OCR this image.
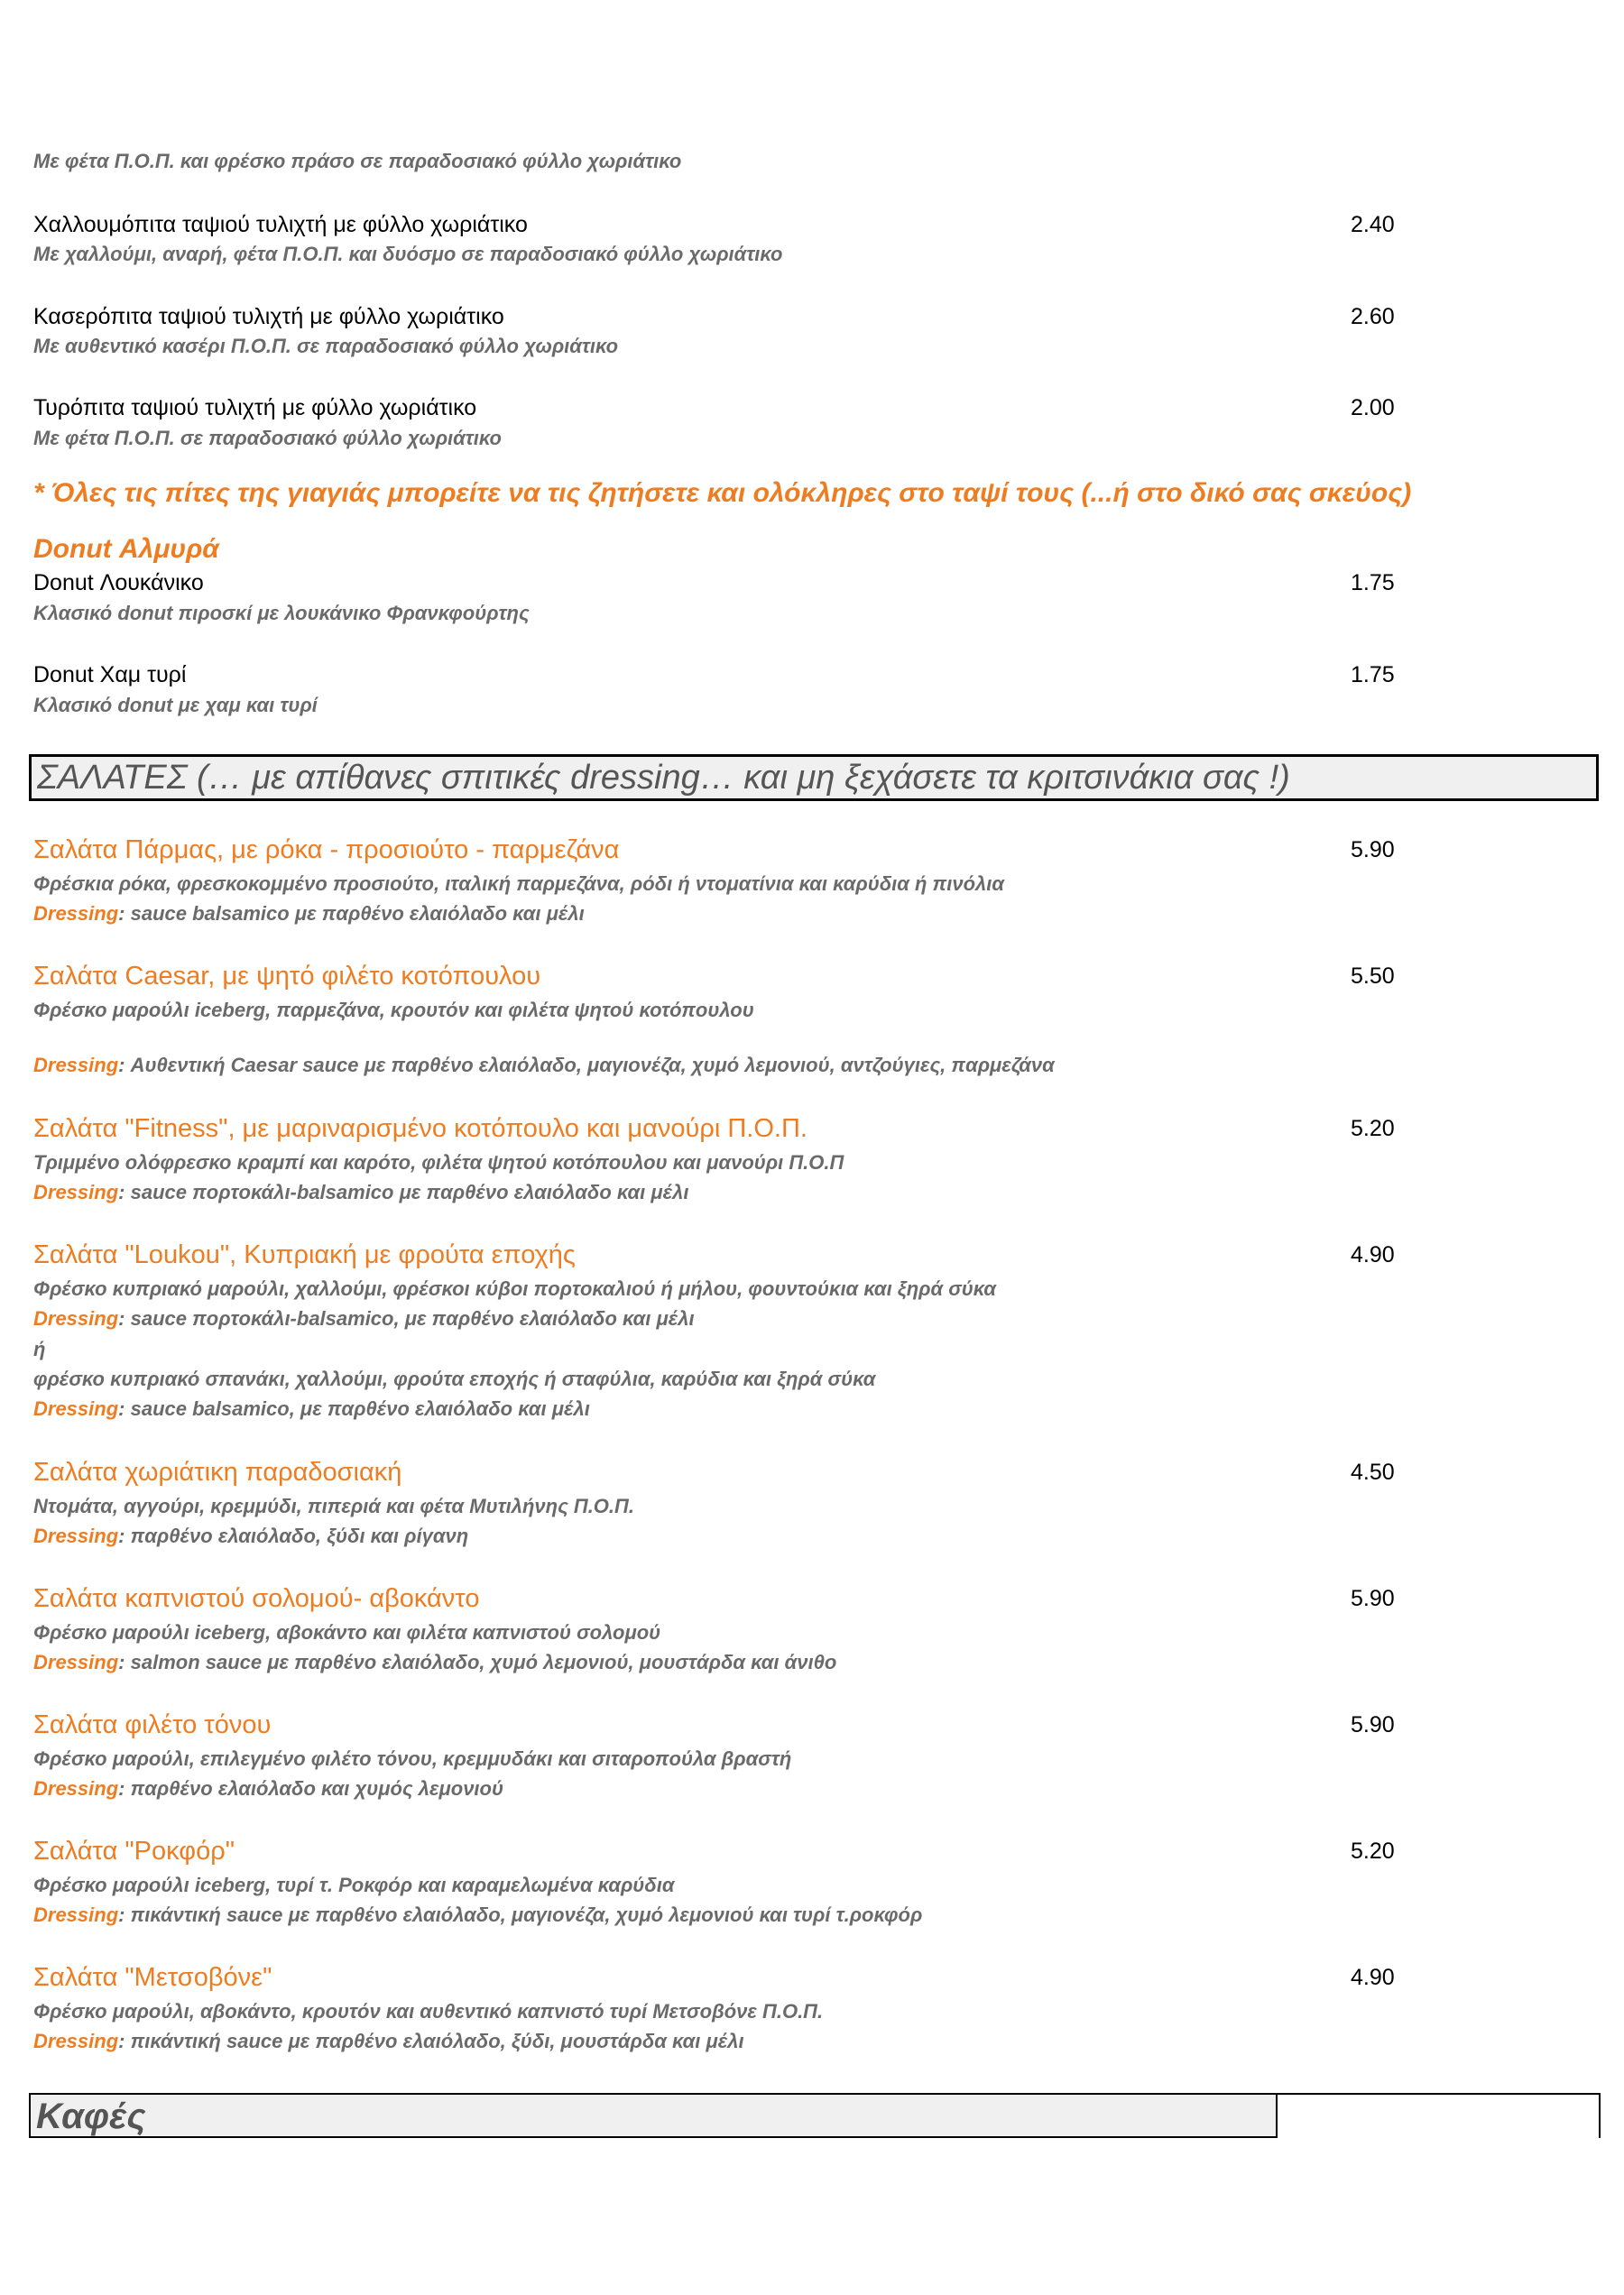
Με φέτα Π.Ο.Π. και φρέσκο πράσο σε παραδοσιακό φύλλο χωριάτικο
Χαλλουμόπιτα ταψιού τυλιχτή με φύλλο χωριάτικο	2.40
Με χαλλούμι, αναρή, φέτα Π.Ο.Π. και δυόσμο σε παραδοσιακό φύλλο χωριάτικο
Κασερόπιτα ταψιού τυλιχτή με φύλλο χωριάτικο	2.60
Με αυθεντικό κασέρι Π.Ο.Π. σε παραδοσιακό φύλλο χωριάτικο
Τυρόπιτα ταψιού τυλιχτή με φύλλο χωριάτικο	2.00
Με φέτα Π.Ο.Π. σε παραδοσιακό φύλλο χωριάτικο
* Όλες τις πίτες της γιαγιάς μπορείτε να τις ζητήσετε και ολόκληρες στο ταψί τους (...ή στο δικό σας σκεύος)
Donut Αλμυρά
Donut Λουκάνικο	1.75
Κλασικό donut πιροσκί με λουκάνικο Φρανκφούρτης
Donut Χαμ τυρί	1.75
Κλασικό donut με χαμ και τυρί
ΣΑΛΑΤΕΣ (… με απίθανες σπιτικές dressing… και μη ξεχάσετε τα κριτσινάκια σας !)
Σαλάτα Πάρμας, με ρόκα - προσιούτο - παρμεζάνα	5.90
Φρέσκια ρόκα, φρεσκοκομμένο προσιούτο, ιταλική παρμεζάνα, ρόδι ή ντοματίνια και καρύδια ή πινόλια
Dressing: sauce balsamico με παρθένο ελαιόλαδο και μέλι
Σαλάτα Caesar, με ψητό φιλέτο κοτόπουλου	5.50
Φρέσκο μαρούλι iceberg, παρμεζάνα, κρουτόν και φιλέτα ψητού κοτόπουλου
Dressing: Αυθεντική Caesar sauce με παρθένο ελαιόλαδο, μαγιονέζα, χυμό λεμονιού, αντζούγιες, παρμεζάνα
Σαλάτα "Fitness", με μαριναρισμένο κοτόπουλο και μανούρι Π.Ο.Π.	5.20
Τριμμένο ολόφρεσκο κραμπί και καρότο, φιλέτα ψητού κοτόπουλου και μανούρι Π.Ο.Π
Dressing: sauce πορτοκάλι-balsamico με παρθένο ελαιόλαδο και μέλι
Σαλάτα "Loukou", Κυπριακή με φρούτα εποχής	4.90
Φρέσκο κυπριακό μαρούλι, χαλλούμι, φρέσκοι κύβοι πορτοκαλιού ή μήλου, φουντούκια και ξηρά σύκα
Dressing: sauce πορτοκάλι-balsamico, με παρθένο ελαιόλαδο και μέλι
ή
φρέσκο κυπριακό σπανάκι, χαλλούμι, φρούτα εποχής ή σταφύλια, καρύδια και ξηρά σύκα
Dressing: sauce balsamico, με παρθένο ελαιόλαδο και μέλι
Σαλάτα χωριάτικη παραδοσιακή	4.50
Ντομάτα, αγγούρι, κρεμμύδι, πιπεριά και φέτα Μυτιλήνης Π.Ο.Π.
Dressing: παρθένο ελαιόλαδο, ξύδι και ρίγανη
Σαλάτα καπνιστού σολομού- αβοκάντο	5.90
Φρέσκο μαρούλι iceberg, αβοκάντο και φιλέτα καπνιστού σολομού
Dressing: salmon sauce με παρθένο ελαιόλαδο, χυμό λεμονιού, μουστάρδα και άνιθο
Σαλάτα φιλέτο τόνου	5.90
Φρέσκο μαρούλι, επιλεγμένο φιλέτο τόνου, κρεμμυδάκι και σιταροπούλα βραστή
Dressing: παρθένο ελαιόλαδο και χυμός λεμονιού
Σαλάτα "Ροκφόρ"	5.20
Φρέσκο μαρούλι iceberg, τυρί τ. Ροκφόρ και καραμελωμένα καρύδια
Dressing: πικάντική sauce με παρθένο ελαιόλαδο, μαγιονέζα, χυμό λεμονιού και τυρί τ.ροκφόρ
Σαλάτα "Μετσοβόνε"	4.90
Φρέσκο μαρούλι, αβοκάντο, κρουτόν και αυθεντικό καπνιστό τυρί Μετσοβόνε Π.Ο.Π.
Dressing: πικάντική sauce με παρθένο ελαιόλαδο, ξύδι, μουστάρδα και μέλι
Καφές
